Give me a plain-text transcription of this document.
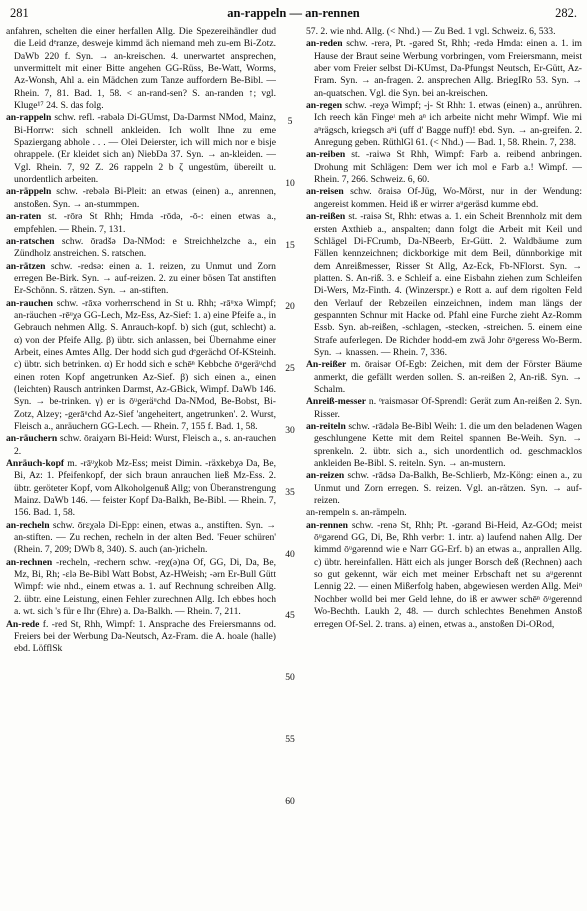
281	an-rappeln — an-rennen	282.

anfahren, schelten die einer herfallen Allg. Die Spezereihändler dud die Leid dᵉranze, desweje kimmd äch niemand meh zu-em Bi-Zotz. DaWb 220 f. Syn. → an-kreischen. 4. unerwartet ansprechen, unvermittelt mit einer Bitte angehen GG-Rüss, Be-Watt, Worms, Az-Wonsh, Ahl a. ein Mädchen zum Tanze auffordern Be-Bibl. — Rhein. 7, 81. Bad. 1, 58. < an-rand-sen? S. an-randen ↑; vgl. Kluge¹⁷ 24. S. das folg.

an-rappeln schw. refl. -rabəlә Di-GUmst, Da-Darmst NMod, Mainz, Bi-Horrw: sich schnell ankleiden. Ich wollt Ihne zu eme Spaziergang abhole . . . — Olei Deierster, ich will mich nor e bisje ohrappele. (Er kleidet sich an) NiebDa 37. Syn. → an-kleiden. — Vgl. Rhein. 7, 92 Z. 26 rappeln 2 b ζ ungestüm, übereilt u. unordentlich arbeiten.

an-räppeln schw. -rebələ Bi-Pleit: an etwas (einen) a., anrennen, anstoßen. Syn. → an-stummpen.

an-raten st. -rōrә St Rhh; Hmda -rōdә, -ō-: einen etwas a., empfehlen. — Rhein. 7, 131.

an-ratschen schw. ōradšә Da-NMod: e Streichhelzche a., ein Zündholz anstreichen. S. ratschen.

an-rätzen schw. -redsә: einen a. 1. reizen, zu Unmut und Zorn erregen Be-Birk. Syn. → auf-reizen. 2. zu einer bösen Tat anstiften Er-Schönn. S. rätzen. Syn. → an-stiften.

an-rauchen schw. -rāxә vorherrschend in St u. Rhh; -rāᵘxә Wimpf; an-räuchen -rēᵘχә GG-Lech, Mz-Ess, Az-Sief: 1. a) eine Pfeife a., in Gebrauch nehmen Allg. S. Anrauch-kopf. b) sich (gut, schlecht) a. α) von der Pfeife Allg. β) übtr. sich anlassen, bei Übernahme einer Arbeit, eines Amtes Allg. Der hodd sich gud dᵉgerächd Of-KSteinh. c) übtr. sich betrinken. α) Er hodd sich e schēⁿ Kebbche ōᵘgeräᵘchd einen roten Kopf angetrunken Az-Sief. β) sich einen a., einen (leichten) Rausch antrinken Darmst, Az-GBick, Wimpf. DaWb 146. Syn. → be-trinken. γ) er is ōᵘgeräᵘchd Da-NMod, Be-Bobst, Bi-Zotz, Alzey; -gerāᵘchd Az-Sief 'angeheitert, angetrunken'. 2. Wurst, Fleisch a., anräuchern GG-Lech. — Rhein. 7, 155 f. Bad. 1, 58.

an-räuchern schw. ōraiχərn Bi-Heid: Wurst, Fleisch a., s. an-rauchen 2.

Anräuch-kopf m. -rāᵘχkob Mz-Ess; meist Dimin. -räxkebχә Da, Be, Bi, Az: 1. Pfeifenkopf, der sich braun anrauchen ließ Mz-Ess. 2. übtr. geröteter Kopf, vom Alkoholgenuß Allg; von Überanstrengung Mainz. DaWb 146. — feister Kopf Da-Balkh, Be-Bibl. — Rhein. 7, 156. Bad. 1, 58.

an-recheln schw. ōrεχәlә Di-Epp: einen, etwas a., anstiften. Syn. → an-stiften. — Zu rechen, recheln in der alten Bed. 'Feuer schüren' (Rhein. 7, 209; DWb 8, 340). S. auch (an-)richeln.

an-rechnen -recheln, -rechern schw. -reχ(ә)nә Of, GG, Di, Da, Be, Mz, Bi, Rh; -εlә Be-Bibl Watt Bobst, Az-HWeish; -ərn Er-Bull Gütt Wimpf: wie nhd., einem etwas a. 1. auf Rechnung schreiben Allg. 2. übtr. eine Leistung, einen Fehler zurechnen Allg. Ich ebbes hoch a. wt. sich 's für e Ihr (Ehre) a. Da-Balkh. — Rhein. 7, 211.

An-rede f. -red St, Rhh, Wimpf: 1. Ansprache des Freiersmanns od. Freiers bei der Werbung Da-Neutsch, Az-Fram. die A. hoale (halle) ebd. LöfflSk

5
10
15
20
25
30
35
40
45
50
55
60

57. 2. wie nhd. Allg. (< Nhd.) — Zu Bed. 1 vgl. Schweiz. 6, 533.

an-reden schw. -rerә, Pt. -gәred St, Rhh; -redә Hmda: einen a. 1. im Hause der Braut seine Werbung vorbringen, vom Freiersmann, meist aber vom Freier selbst Di-KUmst, Da-Pfungst Neutsch, Er-Gütt, Az-Fram. Syn. → an-fragen. 2. ansprechen Allg. BriegIRo 53. Syn. → an-quatschen. Vgl. die Syn. bei an-kreischen.

an-regen schw. -reχә Wimpf; -j- St Rhh: 1. etwas (einen) a., anrühren. Ich reech kän Fingeᶦ meh aⁿ ich arbeite nicht mehr Wimpf. Wie mi aⁿrägsch, kriegsch aⁿi (uff d' Bagge nuff)! ebd. Syn. → an-greifen. 2. Anregung geben. RüthlGl 61. (< Nhd.) — Bad. 1, 58. Rhein. 7, 238.

an-reiben st. -raiwә St Rhh, Wimpf: Farb a. reibend anbringen. Drohung mit Schlägen: Dem wer ich mol e Farb a.! Wimpf. — Rhein. 7, 266. Schweiz. 6, 60.

an-reisen schw. ōraisә Of-Jüg, Wo-Mörst, nur in der Wendung: angereist kommen. Heid iß er wirrer aᵘgeräsd kumme ebd.

an-reißen st. -raisә St, Rhh: etwas a. 1. ein Scheit Brennholz mit dem ersten Axthieb a., anspalten; dann folgt die Arbeit mit Keil und Schlägel Di-FCrumb, Da-NBeerb, Er-Gütt. 2. Waldbäume zum Fällen kennzeichnen; dickborkige mit dem Beil, dünnborkige mit dem Anreißmesser, Risser St Allg, Az-Eck, Fb-NFlorst. Syn. → platten. S. An-riß. 3. e Schleif a. eine Eisbahn ziehen zum Schleifen Di-Wers, Mz-Finth. 4. (Winzerspr.) e Rott a. auf dem rigolten Feld den Verlauf der Rebzeilen einzeichnen, indem man längs der gespannten Schnur mit Hacke od. Pfahl eine Furche zieht Az-Romm Essb. Syn. ab-reißen, -schlagen, -stecken, -streichen. 5. einem eine Strafe auferlegen. De Richder hodd-em zwä Johr ōᵘgeress Wo-Berm. Syn. → knassen. — Rhein. 7, 336.

An-reißer m. ōraisər Of-Egb: Zeichen, mit dem der Förster Bäume anmerkt, die gefällt werden sollen. S. an-reißen 2, An-riß. Syn. → Schalm.

Anreiß-messer n. ᵒraismәsər Of-Sprendl: Gerät zum An-reißen 2. Syn. Risser.

an-reiteln schw. -rādәlә Be-Bibl Weih: 1. die um den beladenen Wagen geschlungene Kette mit dem Reitel spannen Be-Weih. Syn. → sprenkeln. 2. übtr. sich a., sich unordentlich od. geschmacklos ankleiden Be-Bibl. S. reiteln. Syn. → an-mustern.

an-reizen schw. -rādsә Da-Balkh, Be-Schlierb, Mz-Köng: einen a., zu Unmut und Zorn erregen. S. reizen. Vgl. an-rätzen. Syn. → auf-reizen.

an-rempeln s. an-rämpeln.

an-rennen schw. -renә St, Rhh; Pt. -gәrand Bi-Heid, Az-GOd; meist ōᵘgәrend GG, Di, Be, Rhh verbr: 1. intr. a) laufend nahen Allg. Der kimmd ōᵘgәrennd wie e Narr GG-Erf. b) an etwas a., anprallen Allg. c) übtr. hereinfallen. Hätt eich als junger Borsch deß (Rechnen) aach so gut gekennt, wär eich met meiner Erbschaft net su aᵘgerennt Lennig 22. — einen Mißerfolg haben, abgewiesen werden Allg. Meiⁿ Nochber wolld bei mer Geld lehne, do iß er awwer schēⁿ ōᵘgerennd Wo-Bechth. Laukh 2, 48. — durch schlechtes Benehmen Anstoß erregen Of-Sel. 2. trans. a) einen, etwas a., anstoßen Di-ORod,
